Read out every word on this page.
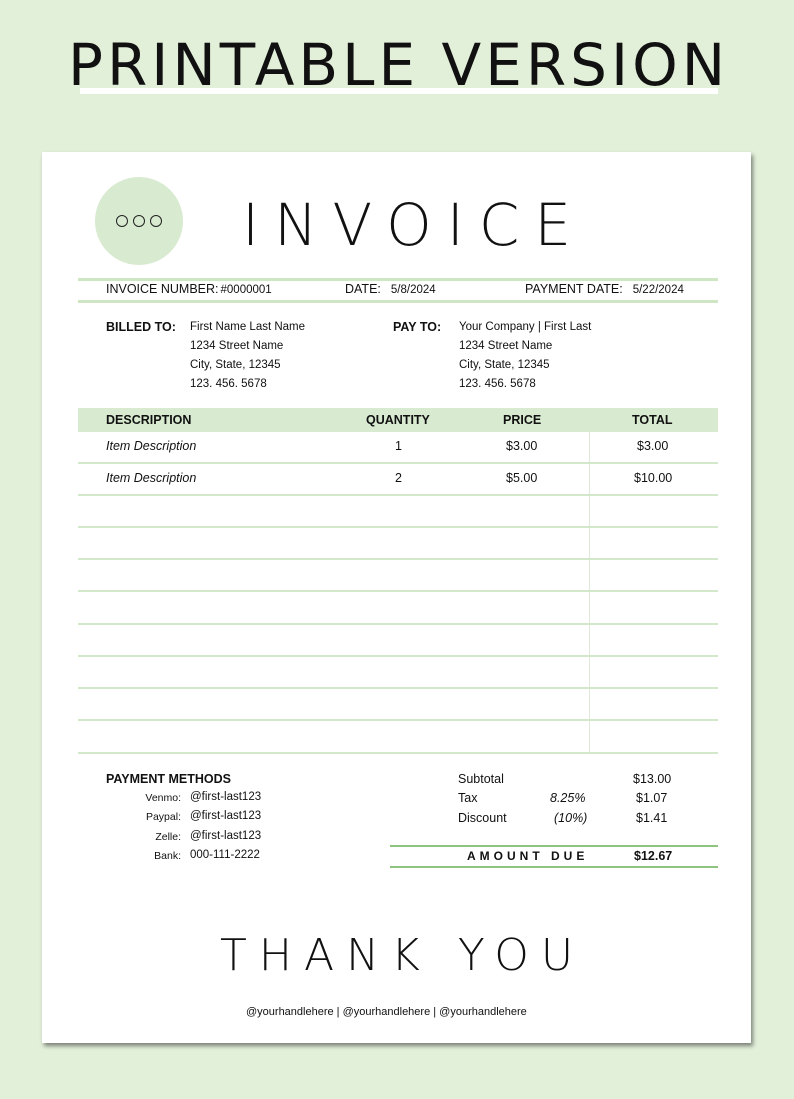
PRINTABLE VERSION
INVOICE
INVOICE NUMBER: #0000001	DATE: 5/8/2024	PAYMENT DATE: 5/22/2024
BILLED TO: First Name Last Name
1234 Street Name
City, State, 12345
123. 456. 5678
PAY TO: Your Company | First Last
1234 Street Name
City, State, 12345
123. 456. 5678
DESCRIPTION	QUANTITY	PRICE	TOTAL
Item Description	1	$3.00	$3.00
Item Description	2	$5.00	$10.00
PAYMENT METHODS
Venmo: @first-last123
Paypal: @first-last123
Zelle: @first-last123
Bank: 000-111-2222
Subtotal	$13.00
Tax	8.25%	$1.07
Discount	(10%)	$1.41
AMOUNT DUE	$12.67
THANK YOU
@yourhandlehere | @yourhandlehere | @yourhandlehere
